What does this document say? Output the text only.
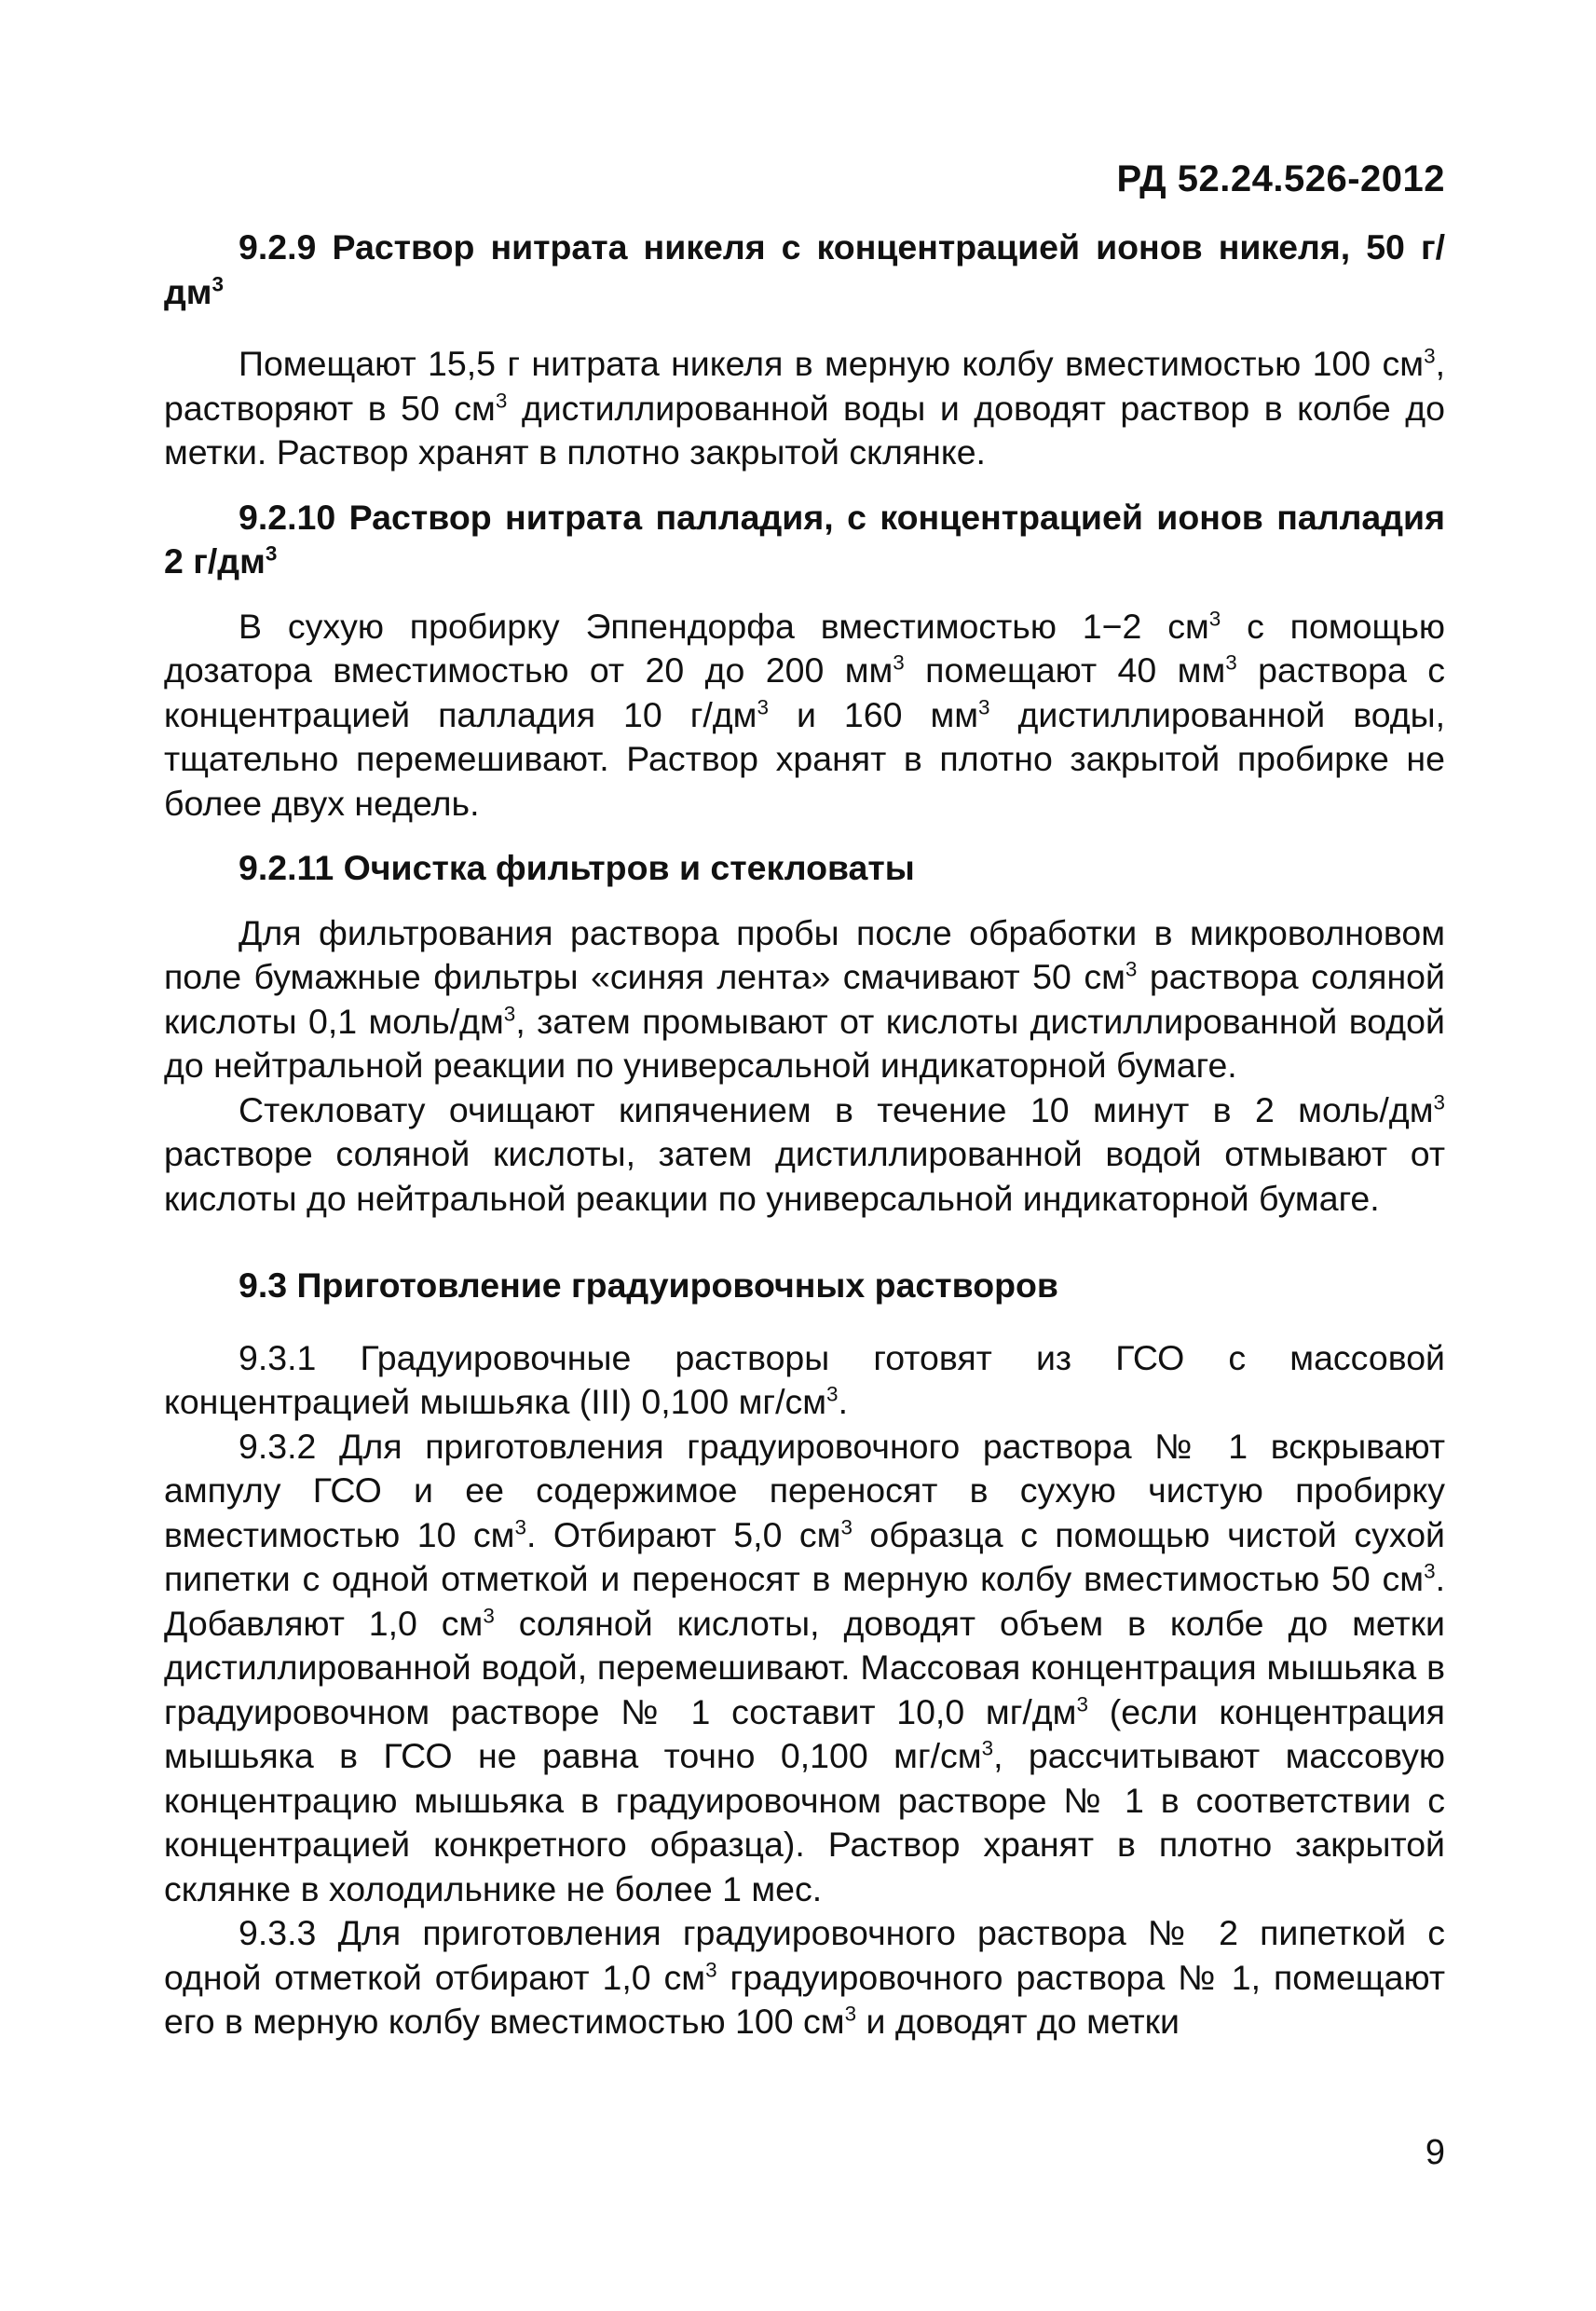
РД 52.24.526-2012

9.2.9 Раствор нитрата никеля с концентрацией ионов никеля, 50 г/ $дм^3$

Помещают 15,5 г нитрата никеля в мерную колбу вместимостью 100 $см^3$, растворяют в 50 $см^3$ дистиллированной воды и доводят раствор в колбе до метки. Раствор хранят в плотно закрытой склянке.

9.2.10 Раствор нитрата палладия, с концентрацией ионов палладия 2 $г/дм^3$

В сухую пробирку Эппендорфа вместимостью 1−2 $см^3$ с помощью дозатора вместимостью от 20 до 200 $мм^3$ помещают 40 $мм^3$ раствора с концентрацией палладия 10 $г/дм^3$ и 160 $мм^3$ дистиллированной воды, тщательно перемешивают. Раствор хранят в плотно закрытой пробирке не более двух недель.

9.2.11 Очистка фильтров и стекловаты

Для фильтрования раствора пробы после обработки в микроволновом поле бумажные фильтры «синяя лента» смачивают 50 $см^3$ раствора соляной кислоты 0,1 моль/$дм^3$, затем промывают от кислоты дистиллированной водой до нейтральной реакции по универсальной индикаторной бумаге.

Стекловату очищают кипячением в течение 10 минут в 2 моль/$дм^3$ растворе соляной кислоты, затем дистиллированной водой отмывают от кислоты до нейтральной реакции по универсальной индикаторной бумаге.

9.3 Приготовление градуировочных растворов

9.3.1 Градуировочные растворы готовят из ГСО с массовой концентрацией мышьяка (III) 0,100 $мг/см^3$.

9.3.2 Для приготовления градуировочного раствора № 1 вскрывают ампулу ГСО и ее содержимое переносят в сухую чистую пробирку вместимостью 10 $см^3$. Отбирают 5,0 $см^3$ образца с помощью чистой сухой пипетки с одной отметкой и переносят в мерную колбу вместимостью 50 $см^3$. Добавляют 1,0 $см^3$ соляной кислоты, доводят объем в колбе до метки дистиллированной водой, перемешивают. Массовая концентрация мышьяка в градуировочном растворе № 1 составит 10,0 $мг/дм^3$ (если концентрация мышьяка в ГСО не равна точно 0,100 $мг/см^3$, рассчитывают массовую концентрацию мышьяка в градуировочном растворе № 1 в соответствии с концентрацией конкретного образца). Раствор хранят в плотно закрытой склянке в холодильнике не более 1 мес.

9.3.3 Для приготовления градуировочного раствора № 2 пипеткой с одной отметкой отбирают 1,0 $см^3$ градуировочного раствора № 1, помещают его в мерную колбу вместимостью 100 $см^3$ и доводят до метки

9
